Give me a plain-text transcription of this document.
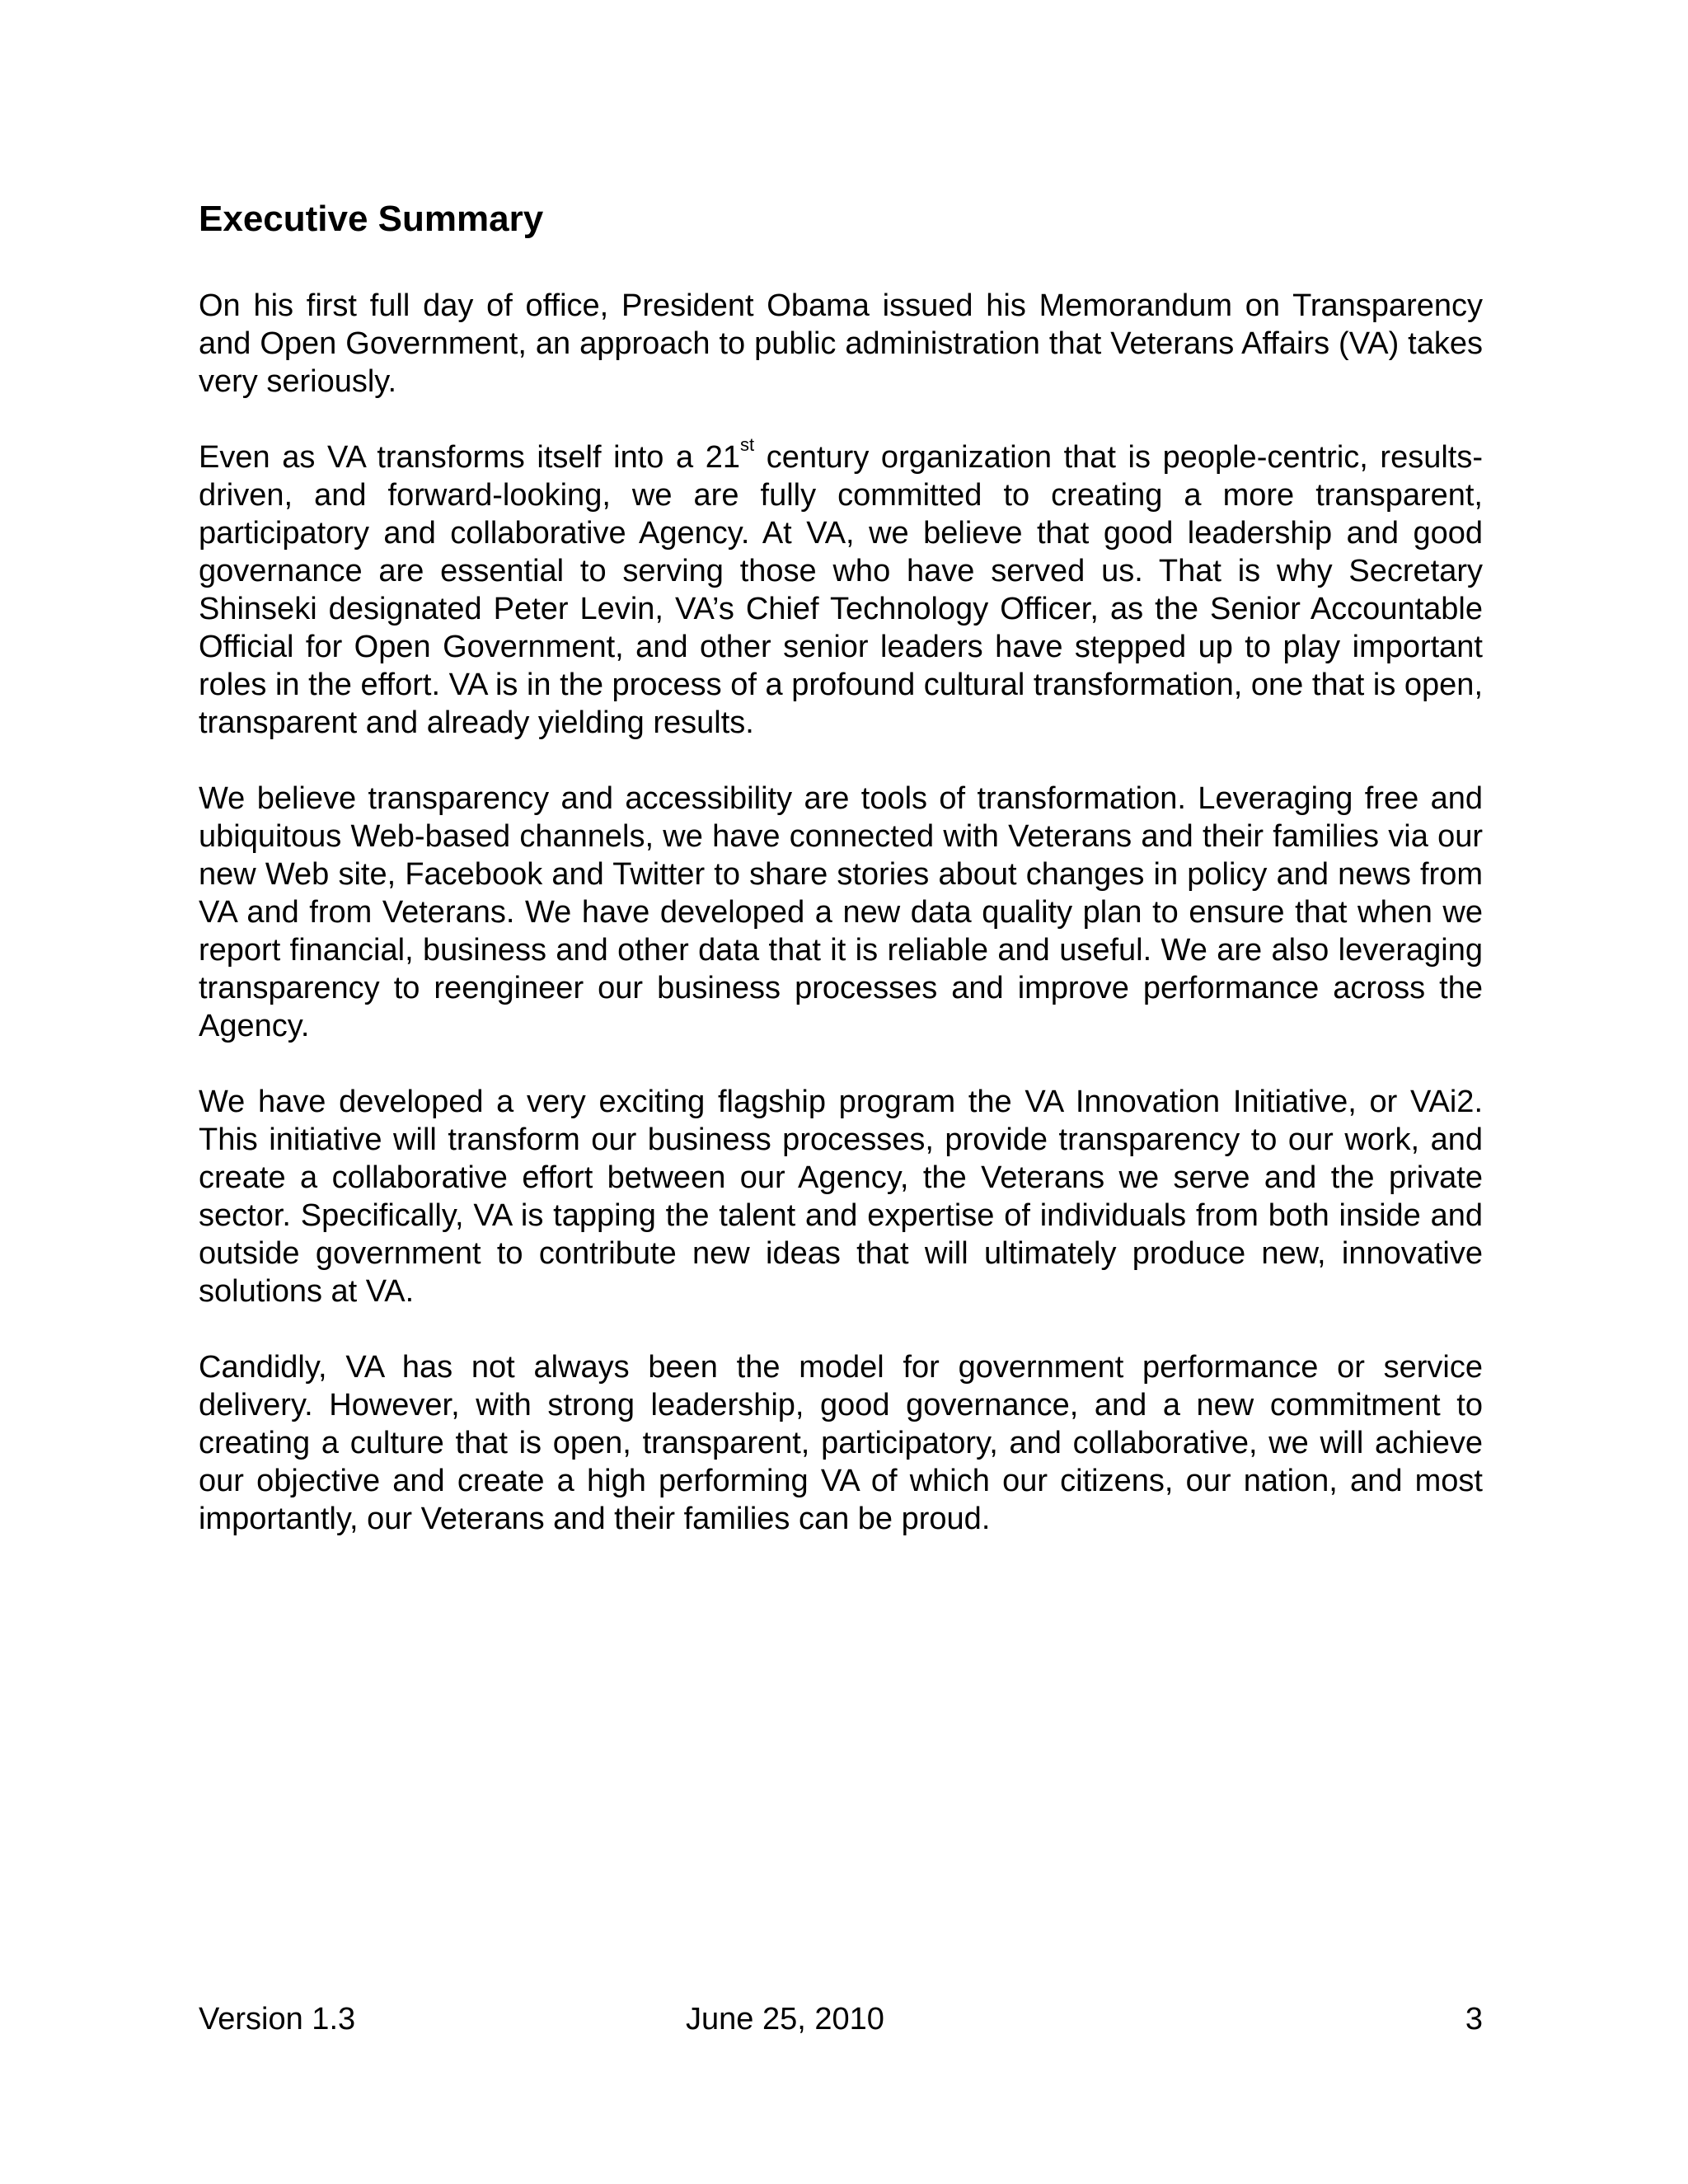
Executive Summary

On his first full day of office, President Obama issued his Memorandum on Transparency and Open Government, an approach to public administration that Veterans Affairs (VA) takes very seriously.

Even as VA transforms itself into a 21st century organization that is people-centric, results-driven, and forward-looking, we are fully committed to creating a more transparent, participatory and collaborative Agency. At VA, we believe that good leadership and good governance are essential to serving those who have served us. That is why Secretary Shinseki designated Peter Levin, VA’s Chief Technology Officer, as the Senior Accountable Official for Open Government, and other senior leaders have stepped up to play important roles in the effort. VA is in the process of a profound cultural transformation, one that is open, transparent and already yielding results.

We believe transparency and accessibility are tools of transformation. Leveraging free and ubiquitous Web-based channels, we have connected with Veterans and their families via our new Web site, Facebook and Twitter to share stories about changes in policy and news from VA and from Veterans. We have developed a new data quality plan to ensure that when we report financial, business and other data that it is reliable and useful. We are also leveraging transparency to reengineer our business processes and improve performance across the Agency.

We have developed a very exciting flagship program the VA Innovation Initiative, or VAi2. This initiative will transform our business processes, provide transparency to our work, and create a collaborative effort between our Agency, the Veterans we serve and the private sector. Specifically, VA is tapping the talent and expertise of individuals from both inside and outside government to contribute new ideas that will ultimately produce new, innovative solutions at VA.

Candidly, VA has not always been the model for government performance or service delivery. However, with strong leadership, good governance, and a new commitment to creating a culture that is open, transparent, participatory, and collaborative, we will achieve our objective and create a high performing VA of which our citizens, our nation, and most importantly, our Veterans and their families can be proud.

Version 1.3	June 25, 2010	3
